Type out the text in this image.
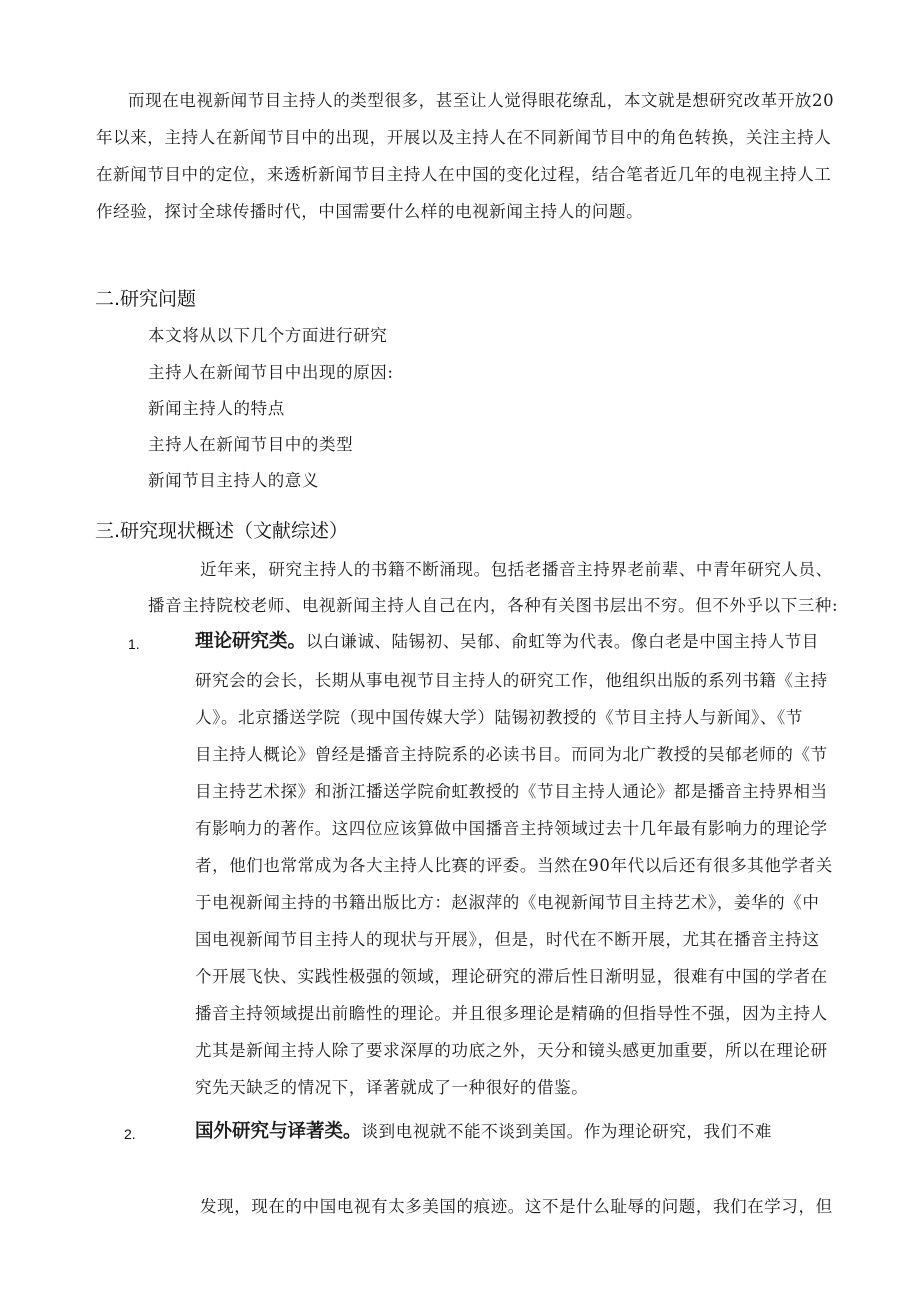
而现在电视新闻节目主持人的类型很多，甚至让人觉得眼花缭乱，本文就是想研究改革开放20
年以来，主持人在新闻节目中的出现，开展以及主持人在不同新闻节目中的角色转换，关注主持人
在新闻节目中的定位，来透析新闻节目主持人在中国的变化过程，结合笔者近几年的电视主持人工
作经验，探讨全球传播时代，中国需要什么样的电视新闻主持人的问题。
二.研究问题
本文将从以下几个方面进行研究
主持人在新闻节目中出现的原因:
新闻主持人的特点
主持人在新闻节目中的类型
新闻节目主持人的意义
三.研究现状概述（文献综述）
近年来，研究主持人的书籍不断涌现。包括老播音主持界老前辈、中青年研究人员、
播音主持院校老师、电视新闻主持人自己在内，各种有关图书层出不穷。但不外乎以下三种:
1.	理论研究类。以白谦诚、陆锡初、吴郁、俞虹等为代表。像白老是中国主持人节目
研究会的会长，长期从事电视节目主持人的研究工作，他组织出版的系列书籍《主持
人》。北京播送学院（现中国传媒大学）陆锡初教授的《节目主持人与新闻》、《节
目主持人概论》曾经是播音主持院系的必读书目。而同为北广教授的吴郁老师的《节
目主持艺术探》和浙江播送学院俞虹教授的《节目主持人通论》都是播音主持界相当
有影响力的著作。这四位应该算做中国播音主持领域过去十几年最有影响力的理论学
者，他们也常常成为各大主持人比赛的评委。当然在90年代以后还有很多其他学者关
于电视新闻主持的书籍出版比方：赵淑萍的《电视新闻节目主持艺术》，姜华的《中
国电视新闻节目主持人的现状与开展》，但是，时代在不断开展，尤其在播音主持这
个开展飞快、实践性极强的领域，理论研究的滞后性日渐明显，很难有中国的学者在
播音主持领域提出前瞻性的理论。并且很多理论是精确的但指导性不强，因为主持人
尤其是新闻主持人除了要求深厚的功底之外，天分和镜头感更加重要，所以在理论研
究先天缺乏的情况下，译著就成了一种很好的借鉴。
2.	国外研究与译著类。谈到电视就不能不谈到美国。作为理论研究，我们不难
发现，现在的中国电视有太多美国的痕迹。这不是什么耻辱的问题，我们在学习，但
